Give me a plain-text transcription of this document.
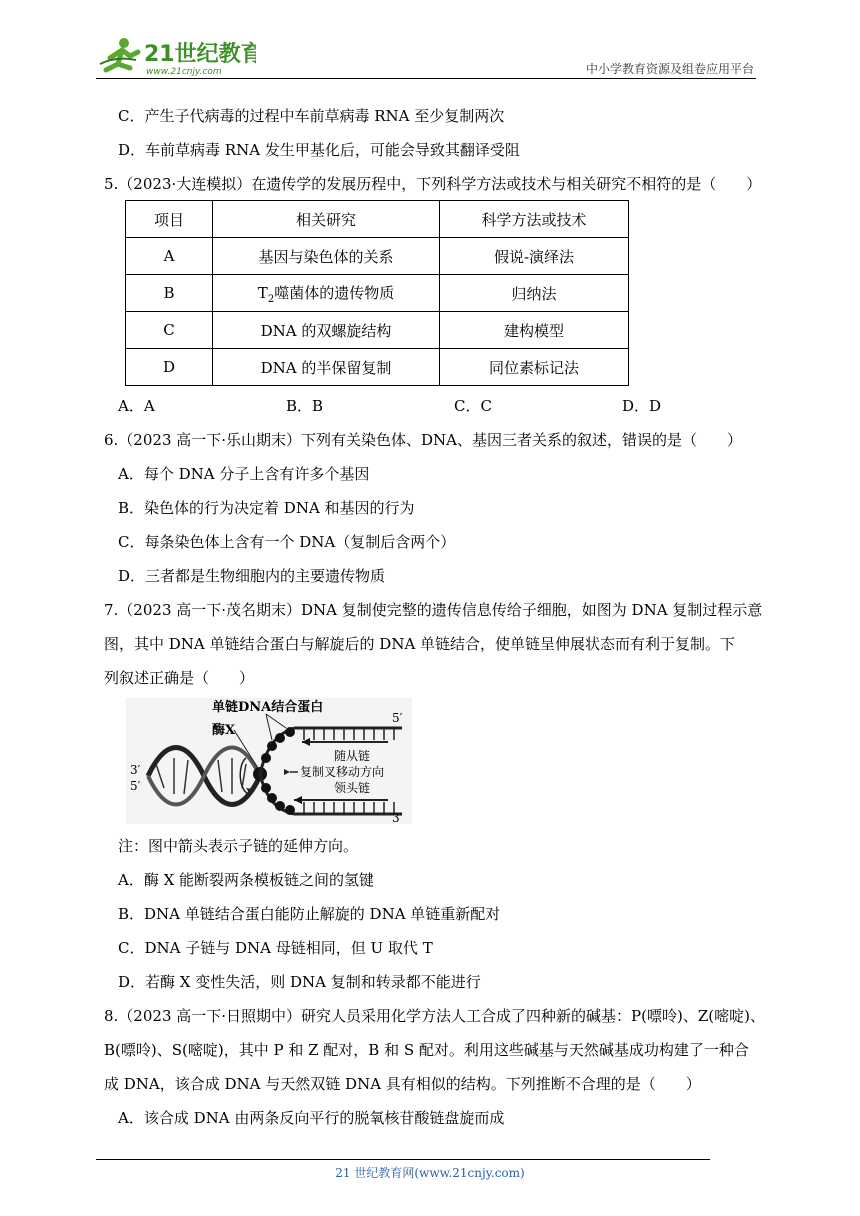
21世纪教育
www.21cnjy.com	中小学教育资源及组卷应用平台
C．产生子代病毒的过程中车前草病毒 RNA 至少复制两次
D．车前草病毒 RNA 发生甲基化后，可能会导致其翻译受阻
5.（2023·大连模拟）在遗传学的发展历程中，下列科学方法或技术与相关研究不相符的是（　　）
项目	相关研究	科学方法或技术
A	基因与染色体的关系	假说-演绎法
B	$T_2$噬菌体的遗传物质	归纳法
C	DNA 的双螺旋结构	建构模型
D	DNA 的半保留复制	同位素标记法
A．A	B．B	C．C	D．D
6.（2023 高一下·乐山期末）下列有关染色体、DNA、基因三者关系的叙述，错误的是（　　）
A．每个 DNA 分子上含有许多个基因
B．染色体的行为决定着 DNA 和基因的行为
C．每条染色体上含有一个 DNA（复制后含两个）
D．三者都是生物细胞内的主要遗传物质
7.（2023 高一下·茂名期末）DNA 复制使完整的遗传信息传给子细胞，如图为 DNA 复制过程示意
图，其中 DNA 单链结合蛋白与解旋后的 DNA 单链结合，使单链呈伸展状态而有利于复制。下
列叙述正确是（　　）
单链DNA结合蛋白
酶X
随从链
复制叉移动方向
领头链
3′
5′
5′
3′
注：图中箭头表示子链的延伸方向。
A．酶 X 能断裂两条模板链之间的氢键
B．DNA 单链结合蛋白能防止解旋的 DNA 单链重新配对
C．DNA 子链与 DNA 母链相同，但 U 取代 T
D．若酶 X 变性失活，则 DNA 复制和转录都不能进行
8.（2023 高一下·日照期中）研究人员采用化学方法人工合成了四种新的碱基：P(嘌呤)、Z(嘧啶)、
B(嘌呤)、S(嘧啶)，其中 P 和 Z 配对，B 和 S 配对。利用这些碱基与天然碱基成功构建了一种合
成 DNA，该合成 DNA 与天然双链 DNA 具有相似的结构。下列推断不合理的是（　　）
A．该合成 DNA 由两条反向平行的脱氧核苷酸链盘旋而成
21 世纪教育网(www.21cnjy.com)
